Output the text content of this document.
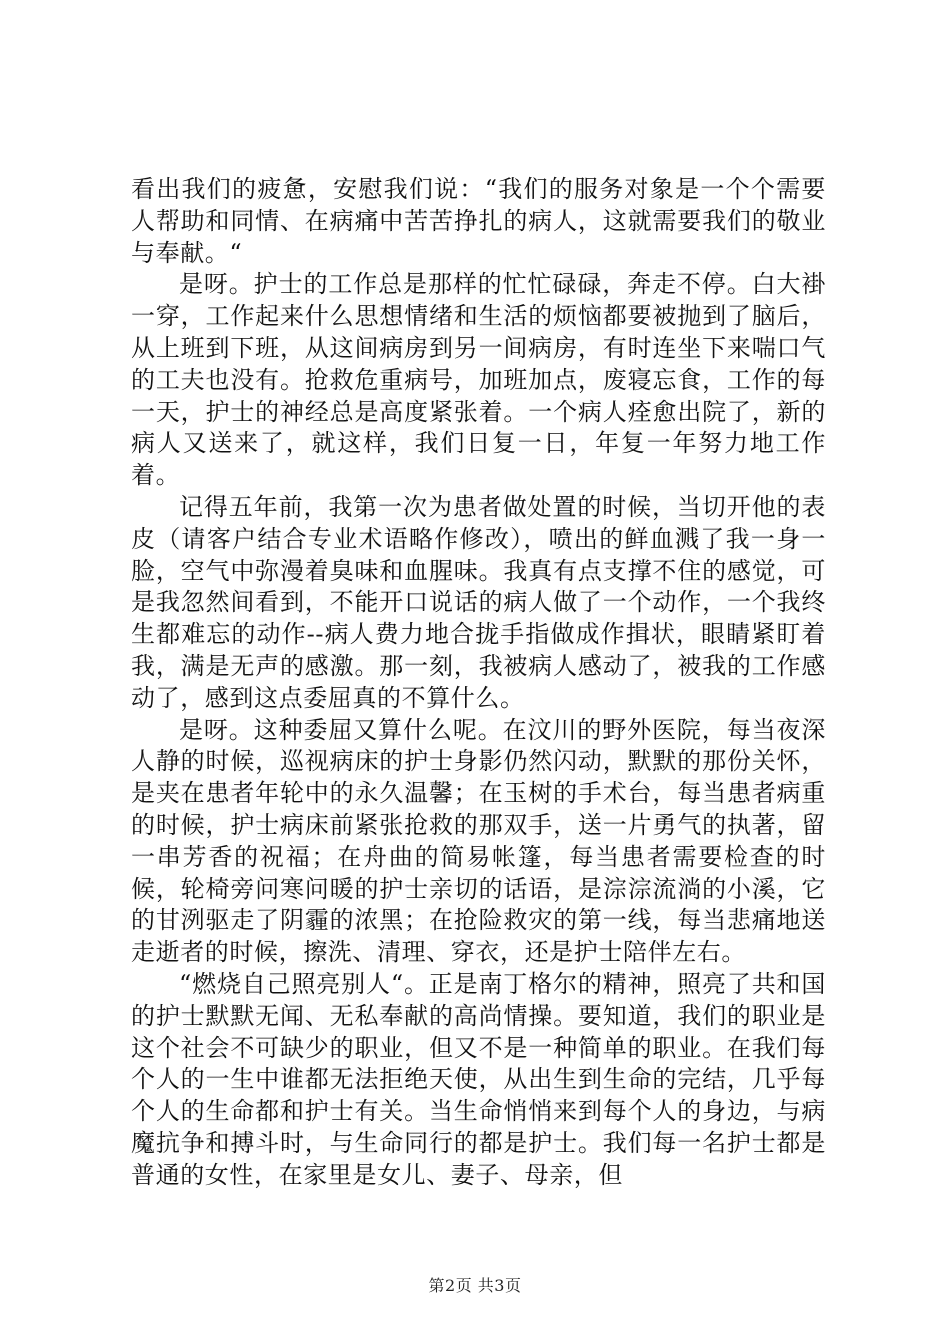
看出我们的疲惫，安慰我们说：“我们的服务对象是一个个需要人帮助和同情、在病痛中苦苦挣扎的病人，这就需要我们的敬业与奉献。“

是呀。护士的工作总是那样的忙忙碌碌，奔走不停。白大褂一穿，工作起来什么思想情绪和生活的烦恼都要被抛到了脑后，从上班到下班，从这间病房到另一间病房，有时连坐下来喘口气的工夫也没有。抢救危重病号，加班加点，废寝忘食，工作的每一天，护士的神经总是高度紧张着。一个病人痊愈出院了，新的病人又送来了，就这样，我们日复一日，年复一年努力地工作着。

记得五年前，我第一次为患者做处置的时候，当切开他的表皮（请客户结合专业术语略作修改），喷出的鲜血溅了我一身一脸，空气中弥漫着臭味和血腥味。我真有点支撑不住的感觉，可是我忽然间看到，不能开口说话的病人做了一个动作，一个我终生都难忘的动作--病人费力地合拢手指做成作揖状，眼睛紧盯着我，满是无声的感激。那一刻，我被病人感动了，被我的工作感动了，感到这点委屈真的不算什么。

是呀。这种委屈又算什么呢。在汶川的野外医院，每当夜深人静的时候，巡视病床的护士身影仍然闪动，默默的那份关怀，是夹在患者年轮中的永久温馨；在玉树的手术台，每当患者病重的时候，护士病床前紧张抢救的那双手，送一片勇气的执著，留一串芳香的祝福；在舟曲的简易帐篷，每当患者需要检查的时候，轮椅旁问寒问暖的护士亲切的话语，是淙淙流淌的小溪，它的甘洌驱走了阴霾的浓黑；在抢险救灾的第一线，每当悲痛地送走逝者的时候，擦洗、清理、穿衣，还是护士陪伴左右。

“燃烧自己照亮别人“。正是南丁格尔的精神，照亮了共和国的护士默默无闻、无私奉献的高尚情操。要知道，我们的职业是这个社会不可缺少的职业，但又不是一种简单的职业。在我们每个人的一生中谁都无法拒绝天使，从出生到生命的完结，几乎每个人的生命都和护士有关。当生命悄悄来到每个人的身边，与病魔抗争和搏斗时，与生命同行的都是护士。我们每一名护士都是普通的女性，在家里是女儿、妻子、母亲，但

第2页 共3页
